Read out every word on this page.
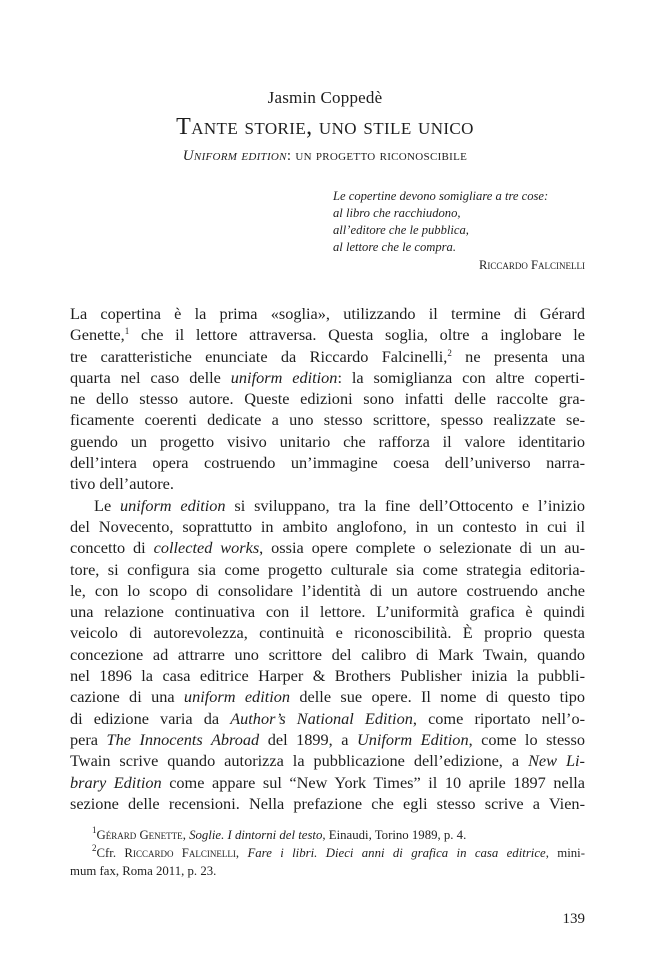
Jasmin Coppedè
Tante storie, uno stile unico
Uniform edition: un progetto riconoscibile
Le copertine devono somigliare a tre cose:
al libro che racchiudono,
all’editore che le pubblica,
al lettore che le compra.
Riccardo Falcinelli
La copertina è la prima «soglia», utilizzando il termine di Gérard
Genette,$^1$ che il lettore attraversa. Questa soglia, oltre a inglobare le
tre caratteristiche enunciate da Riccardo Falcinelli,$^2$ ne presenta una
quarta nel caso delle uniform edition: la somiglianza con altre coperti-
ne dello stesso autore. Queste edizioni sono infatti delle raccolte gra-
ficamente coerenti dedicate a uno stesso scrittore, spesso realizzate se-
guendo un progetto visivo unitario che rafforza il valore identitario
dell’intera opera costruendo un’immagine coesa dell’universo narra-
tivo dell’autore.
Le uniform edition si sviluppano, tra la fine dell’Ottocento e l’inizio
del Novecento, soprattutto in ambito anglofono, in un contesto in cui il
concetto di collected works, ossia opere complete o selezionate di un au-
tore, si configura sia come progetto culturale sia come strategia editoria-
le, con lo scopo di consolidare l’identità di un autore costruendo anche
una relazione continuativa con il lettore. L’uniformità grafica è quindi
veicolo di autorevolezza, continuità e riconoscibilità. È proprio questa
concezione ad attrarre uno scrittore del calibro di Mark Twain, quando
nel 1896 la casa editrice Harper & Brothers Publisher inizia la pubbli-
cazione di una uniform edition delle sue opere. Il nome di questo tipo
di edizione varia da Author’s National Edition, come riportato nell’o-
pera The Innocents Abroad del 1899, a Uniform Edition, come lo stesso
Twain scrive quando autorizza la pubblicazione dell’edizione, a New Li-
brary Edition come appare sul “New York Times” il 10 aprile 1897 nella
sezione delle recensioni. Nella prefazione che egli stesso scrive a Vien-
$^1$Gérard Genette, Soglie. I dintorni del testo, Einaudi, Torino 1989, p. 4.
$^2$Cfr. Riccardo Falcinelli, Fare i libri. Dieci anni di grafica in casa editrice, mini-
mum fax, Roma 2011, p. 23.
139
